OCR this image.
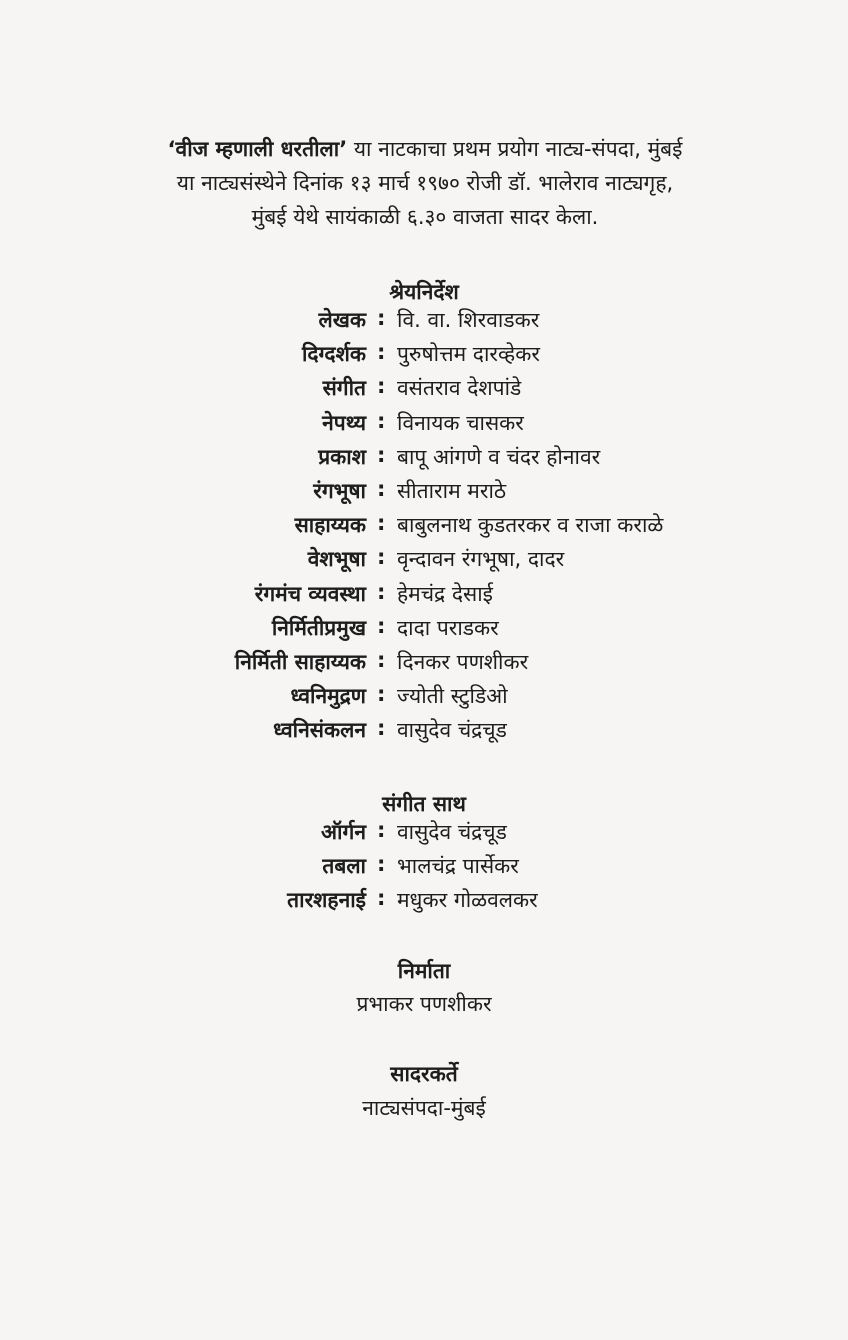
‘वीज म्हणाली धरतीला’ या नाटकाचा प्रथम प्रयोग नाट्य-संपदा, मुंबई
या नाट्यसंस्थेने दिनांक १३ मार्च १९७० रोजी डॉ. भालेराव नाट्यगृह,
मुंबई येथे सायंकाळी ६.३० वाजता सादर केला.
श्रेयनिर्देश
लेखक : वि. वा. शिरवाडकर
दिग्दर्शक : पुरुषोत्तम दारव्हेकर
संगीत : वसंतराव देशपांडे
नेपथ्य : विनायक चासकर
प्रकाश : बापू आंगणे व चंदर होनावर
रंगभूषा : सीताराम मराठे
साहाय्यक : बाबुलनाथ कुडतरकर व राजा कराळे
वेशभूषा : वृन्दावन रंगभूषा, दादर
रंगमंच व्यवस्था : हेमचंद्र देसाई
निर्मितीप्रमुख : दादा पराडकर
निर्मिती साहाय्यक : दिनकर पणशीकर
ध्वनिमुद्रण : ज्योती स्टुडिओ
ध्वनिसंकलन : वासुदेव चंद्रचूड
संगीत साथ
ऑर्गन : वासुदेव चंद्रचूड
तबला : भालचंद्र पार्सेकर
तारशहनाई : मधुकर गोळवलकर
निर्माता
प्रभाकर पणशीकर
सादरकर्ते
नाट्यसंपदा-मुंबई
